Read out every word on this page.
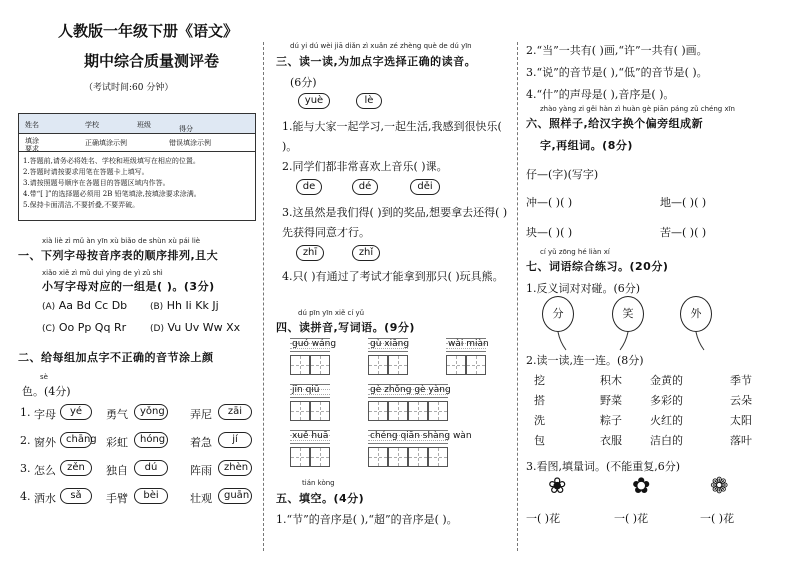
人教版一年级下册《语文》
期中综合质量测评卷
（考试时间:60 分钟）
姓名	学校	班级	得分
填涂
要求
正确填涂示例	错误填涂示例
1.答题前,请务必将姓名、学校和班级填写在相应的位置。
2.答题时请按要求用笔在答题卡上填写。
3.请按照题号顺序在各题目的答题区域内作答。
4.带“[ ]”的选择题必须用 2B 铅笔填涂,按填涂要求涂满。
5.保持卡面清洁,不要折叠,不要弄破。
xià liè zì mǔ àn yīn xù biǎo de shùn xù pái liè
一、下列字母按音序表的顺序排列,且大
xiǎo xiě zì mǔ duì yìng de yì zǔ shì
小写字母对应的一组是( )。(3分)
(A) Aa Bd Cc Db	(B) Hh Ii Kk Jj
(C) Oo Pp Qq Rr	(D) Vu Uv Ww Xx
二、给每组加点字不正确的音节涂上颜
sè
色。(4分)
1. 字母	yé	勇气	yǒng 弄尼	zāi
2. 窗外	chāng 彩虹	hóng 着急	jí
3. 怎么	zěn	独自	dú	阵雨	zhèn
4. 洒水	sǎ	手臂	bèi	壮观	guān
dú yi dú wèi jiā diǎn zì xuǎn zé zhèng què de dú yīn
三、读一读,为加点字选择正确的读音。
(6分)
yuè	lè
1.能与大家一起学习,一起生活,我感到很快乐( )。
2.同学们都非常喜欢上音乐( )课。
de	dé	děi
3.这虽然是我们得( )到的奖品,想要拿去还得( )先获得同意才行。
zhī	zhǐ
4.只( )有通过了考试才能拿到那只( )玩具熊。
dú pīn yīn xiě cí yǔ
四、读拼音,写词语。(9分)
guó wáng	gù xiāng	wài miàn
jīn qiū	gè zhǒng gè yàng
xuě huā	chéng qiān shàng wàn
tián kòng
五、填空。(4分)
1.“节”的音序是( ),“超”的音序是( )。
2.“当”一共有( )画,“许”一共有( )画。
3.“说”的音节是( ),“低”的音节是( )。
4.“什”的声母是( ),音序是( )。
zhào yàng zi gěi hàn zì huàn gè piān páng zǔ chéng xīn
六、照样子,给汉字换个偏旁组成新
字,再组词。(8分)
仔—(字)(写字)
冲—( )( )	地—( )( )
块—( )( )	苦—( )( )
cí yǔ zōng hé liàn xí
七、词语综合练习。(20分)
1.反义词对对碰。(6分)
分	笑	外
2.读一读,连一连。(8分)
挖	积木	金黄的	季节
搭	野菜	多彩的	云朵
洗	粽子	火红的	太阳
包	衣服	洁白的	落叶
3.看图,填量词。(不能重复,6分)
❀	✿	❁
一( )花	一( )花	一( )花
